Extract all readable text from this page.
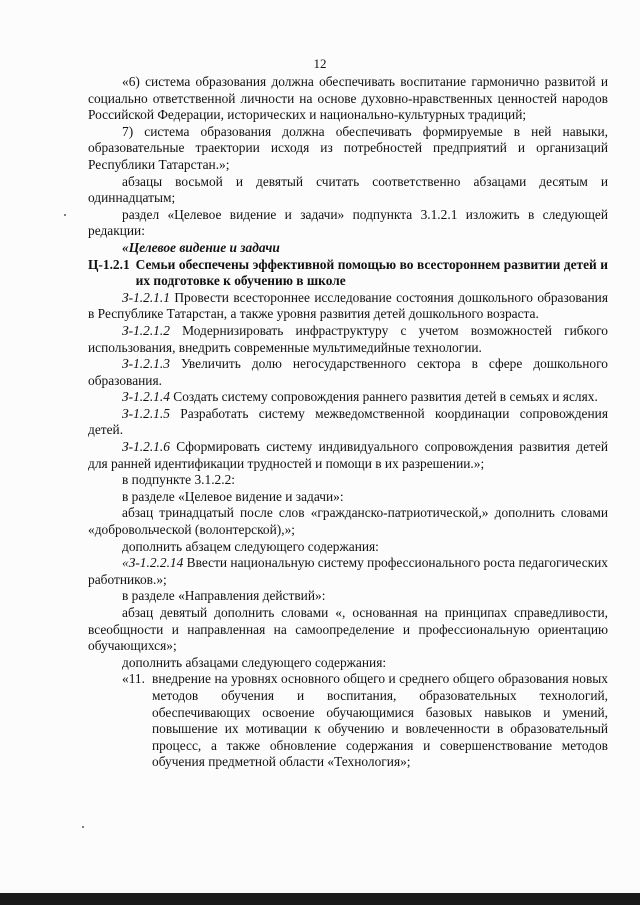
12

«6) система образования должна обеспечивать воспитание гармонично развитой и социально ответственной личности на основе духовно-нравственных ценностей народов Российской Федерации, исторических и национально-культурных традиций;

7) система образования должна обеспечивать формируемые в ней навыки, образовательные траектории исходя из потребностей предприятий и организаций Республики Татарстан.»;

абзацы восьмой и девятый считать соответственно абзацами десятым и одиннадцатым;

раздел «Целевое видение и задачи» подпункта 3.1.2.1 изложить в следующей редакции:

«Целевое видение и задачи

Ц-1.2.1 Семьи обеспечены эффективной помощью во всестороннем развитии детей и их подготовке к обучению в школе

З-1.2.1.1 Провести всестороннее исследование состояния дошкольного образования в Республике Татарстан, а также уровня развития детей дошкольного возраста.

З-1.2.1.2 Модернизировать инфраструктуру с учетом возможностей гибкого использования, внедрить современные мультимедийные технологии.

З-1.2.1.3 Увеличить долю негосударственного сектора в сфере дошкольного образования.

З-1.2.1.4 Создать систему сопровождения раннего развития детей в семьях и яслях.

З-1.2.1.5 Разработать систему межведомственной координации сопровождения детей.

З-1.2.1.6 Сформировать систему индивидуального сопровождения развития детей для ранней идентификации трудностей и помощи в их разрешении.»;

в подпункте 3.1.2.2:

в разделе «Целевое видение и задачи»:

абзац тринадцатый после слов «гражданско-патриотической,» дополнить словами «добровольческой (волонтерской),»;

дополнить абзацем следующего содержания:

«З-1.2.2.14 Ввести национальную систему профессионального роста педагогических работников.»;

в разделе «Направления действий»:

абзац девятый дополнить словами «, основанная на принципах справедливости, всеобщности и направленная на самоопределение и профессиональную ориентацию обучающихся»;

дополнить абзацами следующего содержания:

«11. внедрение на уровнях основного общего и среднего общего образования новых методов обучения и воспитания, образовательных технологий, обеспечивающих освоение обучающимися базовых навыков и умений, повышение их мотивации к обучению и вовлеченности в образовательный процесс, а также обновление содержания и совершенствование методов обучения предметной области «Технология»;
